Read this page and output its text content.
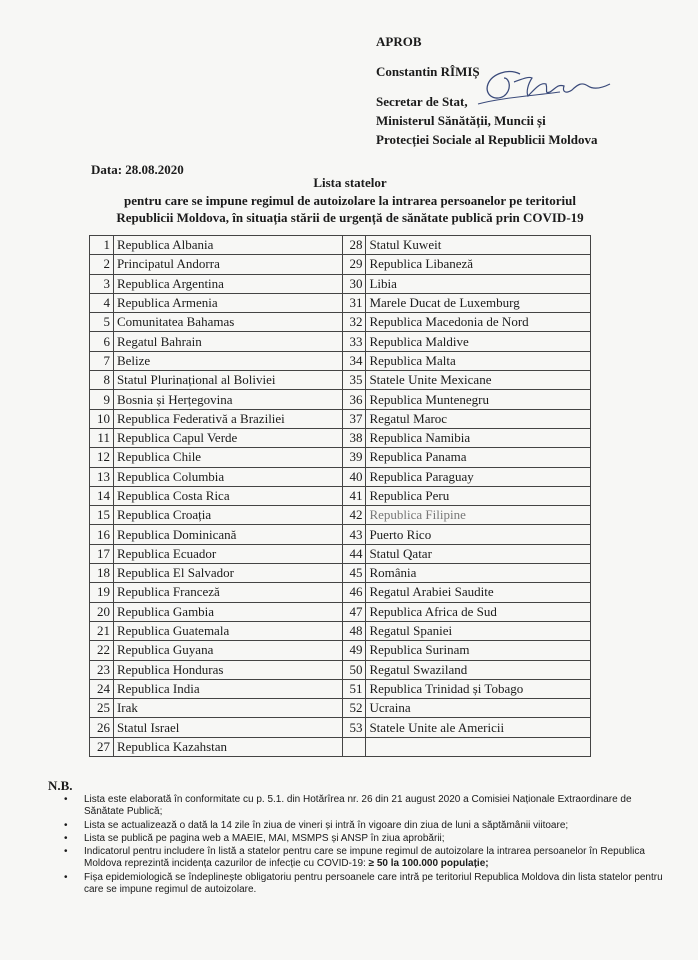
APROB
Constantin RÎMIȘ
Secretar de Stat,
Ministerul Sănătății, Muncii și
Protecției Sociale al Republicii Moldova
Data: 28.08.2020
Lista statelor
pentru care se impune regimul de autoizolare la intrarea persoanelor pe teritoriul
Republicii Moldova, în situația stării de urgență de sănătate publică prin COVID-19
1	Republica Albania	28	Statul Kuweit
2	Principatul Andorra	29	Republica Libaneză
3	Republica Argentina	30	Libia
4	Republica Armenia	31	Marele Ducat de Luxemburg
5	Comunitatea Bahamas	32	Republica Macedonia de Nord
6	Regatul Bahrain	33	Republica Maldive
7	Belize	34	Republica Malta
8	Statul Plurinațional al Boliviei	35	Statele Unite Mexicane
9	Bosnia și Herțegovina	36	Republica Muntenegru
10	Republica Federativă a Braziliei	37	Regatul Maroc
11	Republica Capul Verde	38	Republica Namibia
12	Republica Chile	39	Republica Panama
13	Republica Columbia	40	Republica Paraguay
14	Republica Costa Rica	41	Republica Peru
15	Republica Croația	42	Republica Filipine
16	Republica Dominicană	43	Puerto Rico
17	Republica Ecuador	44	Statul Qatar
18	Republica El Salvador	45	România
19	Republica Franceză	46	Regatul Arabiei Saudite
20	Republica Gambia	47	Republica Africa de Sud
21	Republica Guatemala	48	Regatul Spaniei
22	Republica Guyana	49	Republica Surinam
23	Republica Honduras	50	Regatul Swaziland
24	Republica India	51	Republica Trinidad și Tobago
25	Irak	52	Ucraina
26	Statul Israel	53	Statele Unite ale Americii
27	Republica Kazahstan		
N.B.
• Lista este elaborată în conformitate cu p. 5.1. din Hotărîrea nr. 26 din 21 august 2020 a Comisiei Naționale Extraordinare de Sănătate Publică;
• Lista se actualizează o dată la 14 zile în ziua de vineri și intră în vigoare din ziua de luni a săptămânii viitoare;
• Lista se publică pe pagina web a MAEIE, MAI, MSMPS și ANSP în ziua aprobării;
• Indicatorul pentru includere în listă a statelor pentru care se impune regimul de autoizolare la intrarea persoanelor în Republica Moldova reprezintă incidența cazurilor de infecție cu COVID-19: ≥ 50 la 100.000 populație;
• Fișa epidemiologică se îndeplinește obligatoriu pentru persoanele care intră pe teritoriul Republica Moldova din lista statelor pentru care se impune regimul de autoizolare.
